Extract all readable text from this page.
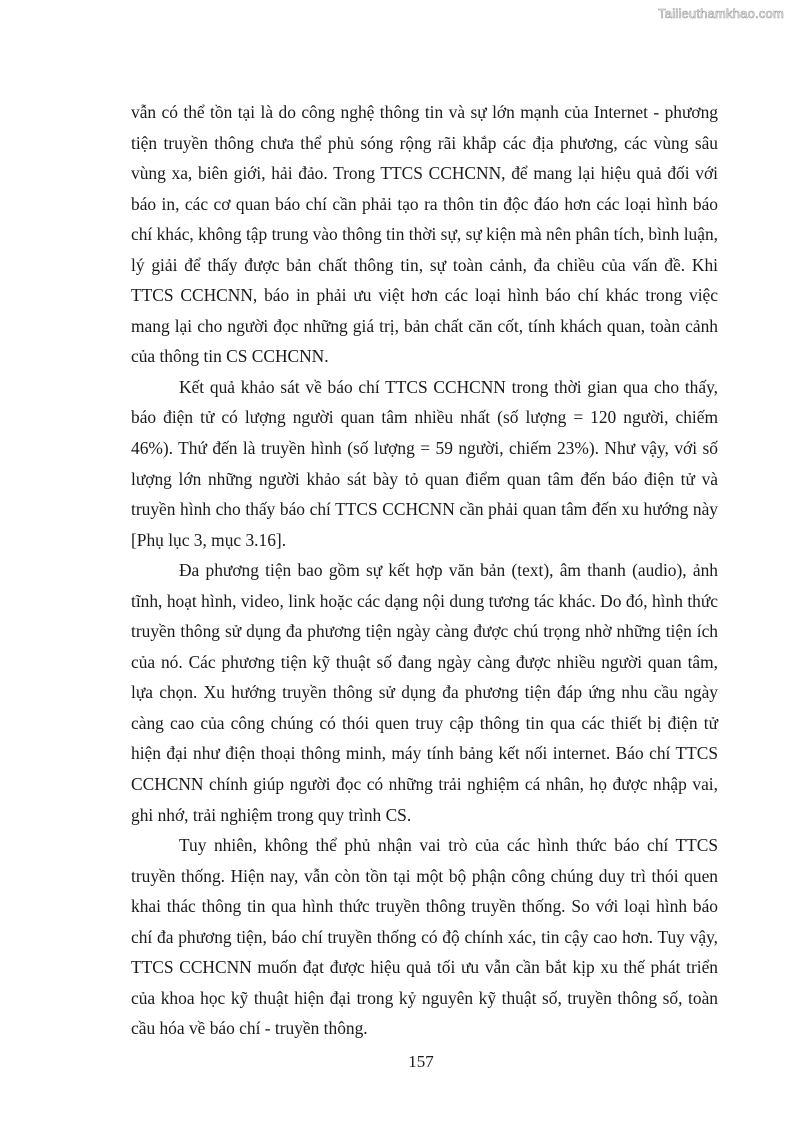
Tailieuthamkhao.com

vẫn có thể tồn tại là do công nghệ thông tin và sự lớn mạnh của Internet - phương tiện truyền thông chưa thể phủ sóng rộng rãi khắp các địa phương, các vùng sâu vùng xa, biên giới, hải đảo. Trong TTCS CCHCNN, để mang lại hiệu quả đối với báo in, các cơ quan báo chí cần phải tạo ra thôn tin độc đáo hơn các loại hình báo chí khác, không tập trung vào thông tin thời sự, sự kiện mà nên phân tích, bình luận, lý giải để thấy được bản chất thông tin, sự toàn cảnh, đa chiều của vấn đề. Khi TTCS CCHCNN, báo in phải ưu việt hơn các loại hình báo chí khác trong việc mang lại cho người đọc những giá trị, bản chất căn cốt, tính khách quan, toàn cảnh của thông tin CS CCHCNN.

Kết quả khảo sát về báo chí TTCS CCHCNN trong thời gian qua cho thấy, báo điện tử có lượng người quan tâm nhiều nhất (số lượng = 120 người, chiếm 46%). Thứ đến là truyền hình (số lượng = 59 người, chiếm 23%). Như vậy, với số lượng lớn những người khảo sát bày tỏ quan điểm quan tâm đến báo điện tử và truyền hình cho thấy báo chí TTCS CCHCNN cần phải quan tâm đến xu hướng này [Phụ lục 3, mục 3.16].

Đa phương tiện bao gồm sự kết hợp văn bản (text), âm thanh (audio), ảnh tĩnh, hoạt hình, video, link hoặc các dạng nội dung tương tác khác. Do đó, hình thức truyền thông sử dụng đa phương tiện ngày càng được chú trọng nhờ những tiện ích của nó. Các phương tiện kỹ thuật số đang ngày càng được nhiều người quan tâm, lựa chọn. Xu hướng truyền thông sử dụng đa phương tiện đáp ứng nhu cầu ngày càng cao của công chúng có thói quen truy cập thông tin qua các thiết bị điện tử hiện đại như điện thoại thông minh, máy tính bảng kết nối internet. Báo chí TTCS CCHCNN chính giúp người đọc có những trải nghiệm cá nhân, họ được nhập vai, ghi nhớ, trải nghiệm trong quy trình CS.

Tuy nhiên, không thể phủ nhận vai trò của các hình thức báo chí TTCS truyền thống. Hiện nay, vẫn còn tồn tại một bộ phận công chúng duy trì thói quen khai thác thông tin qua hình thức truyền thông truyền thống. So với loại hình báo chí đa phương tiện, báo chí truyền thống có độ chính xác, tin cậy cao hơn. Tuy vậy, TTCS CCHCNN muốn đạt được hiệu quả tối ưu vẫn cần bắt kịp xu thế phát triển của khoa học kỹ thuật hiện đại trong kỷ nguyên kỹ thuật số, truyền thông số, toàn cầu hóa về báo chí - truyền thông.

157
